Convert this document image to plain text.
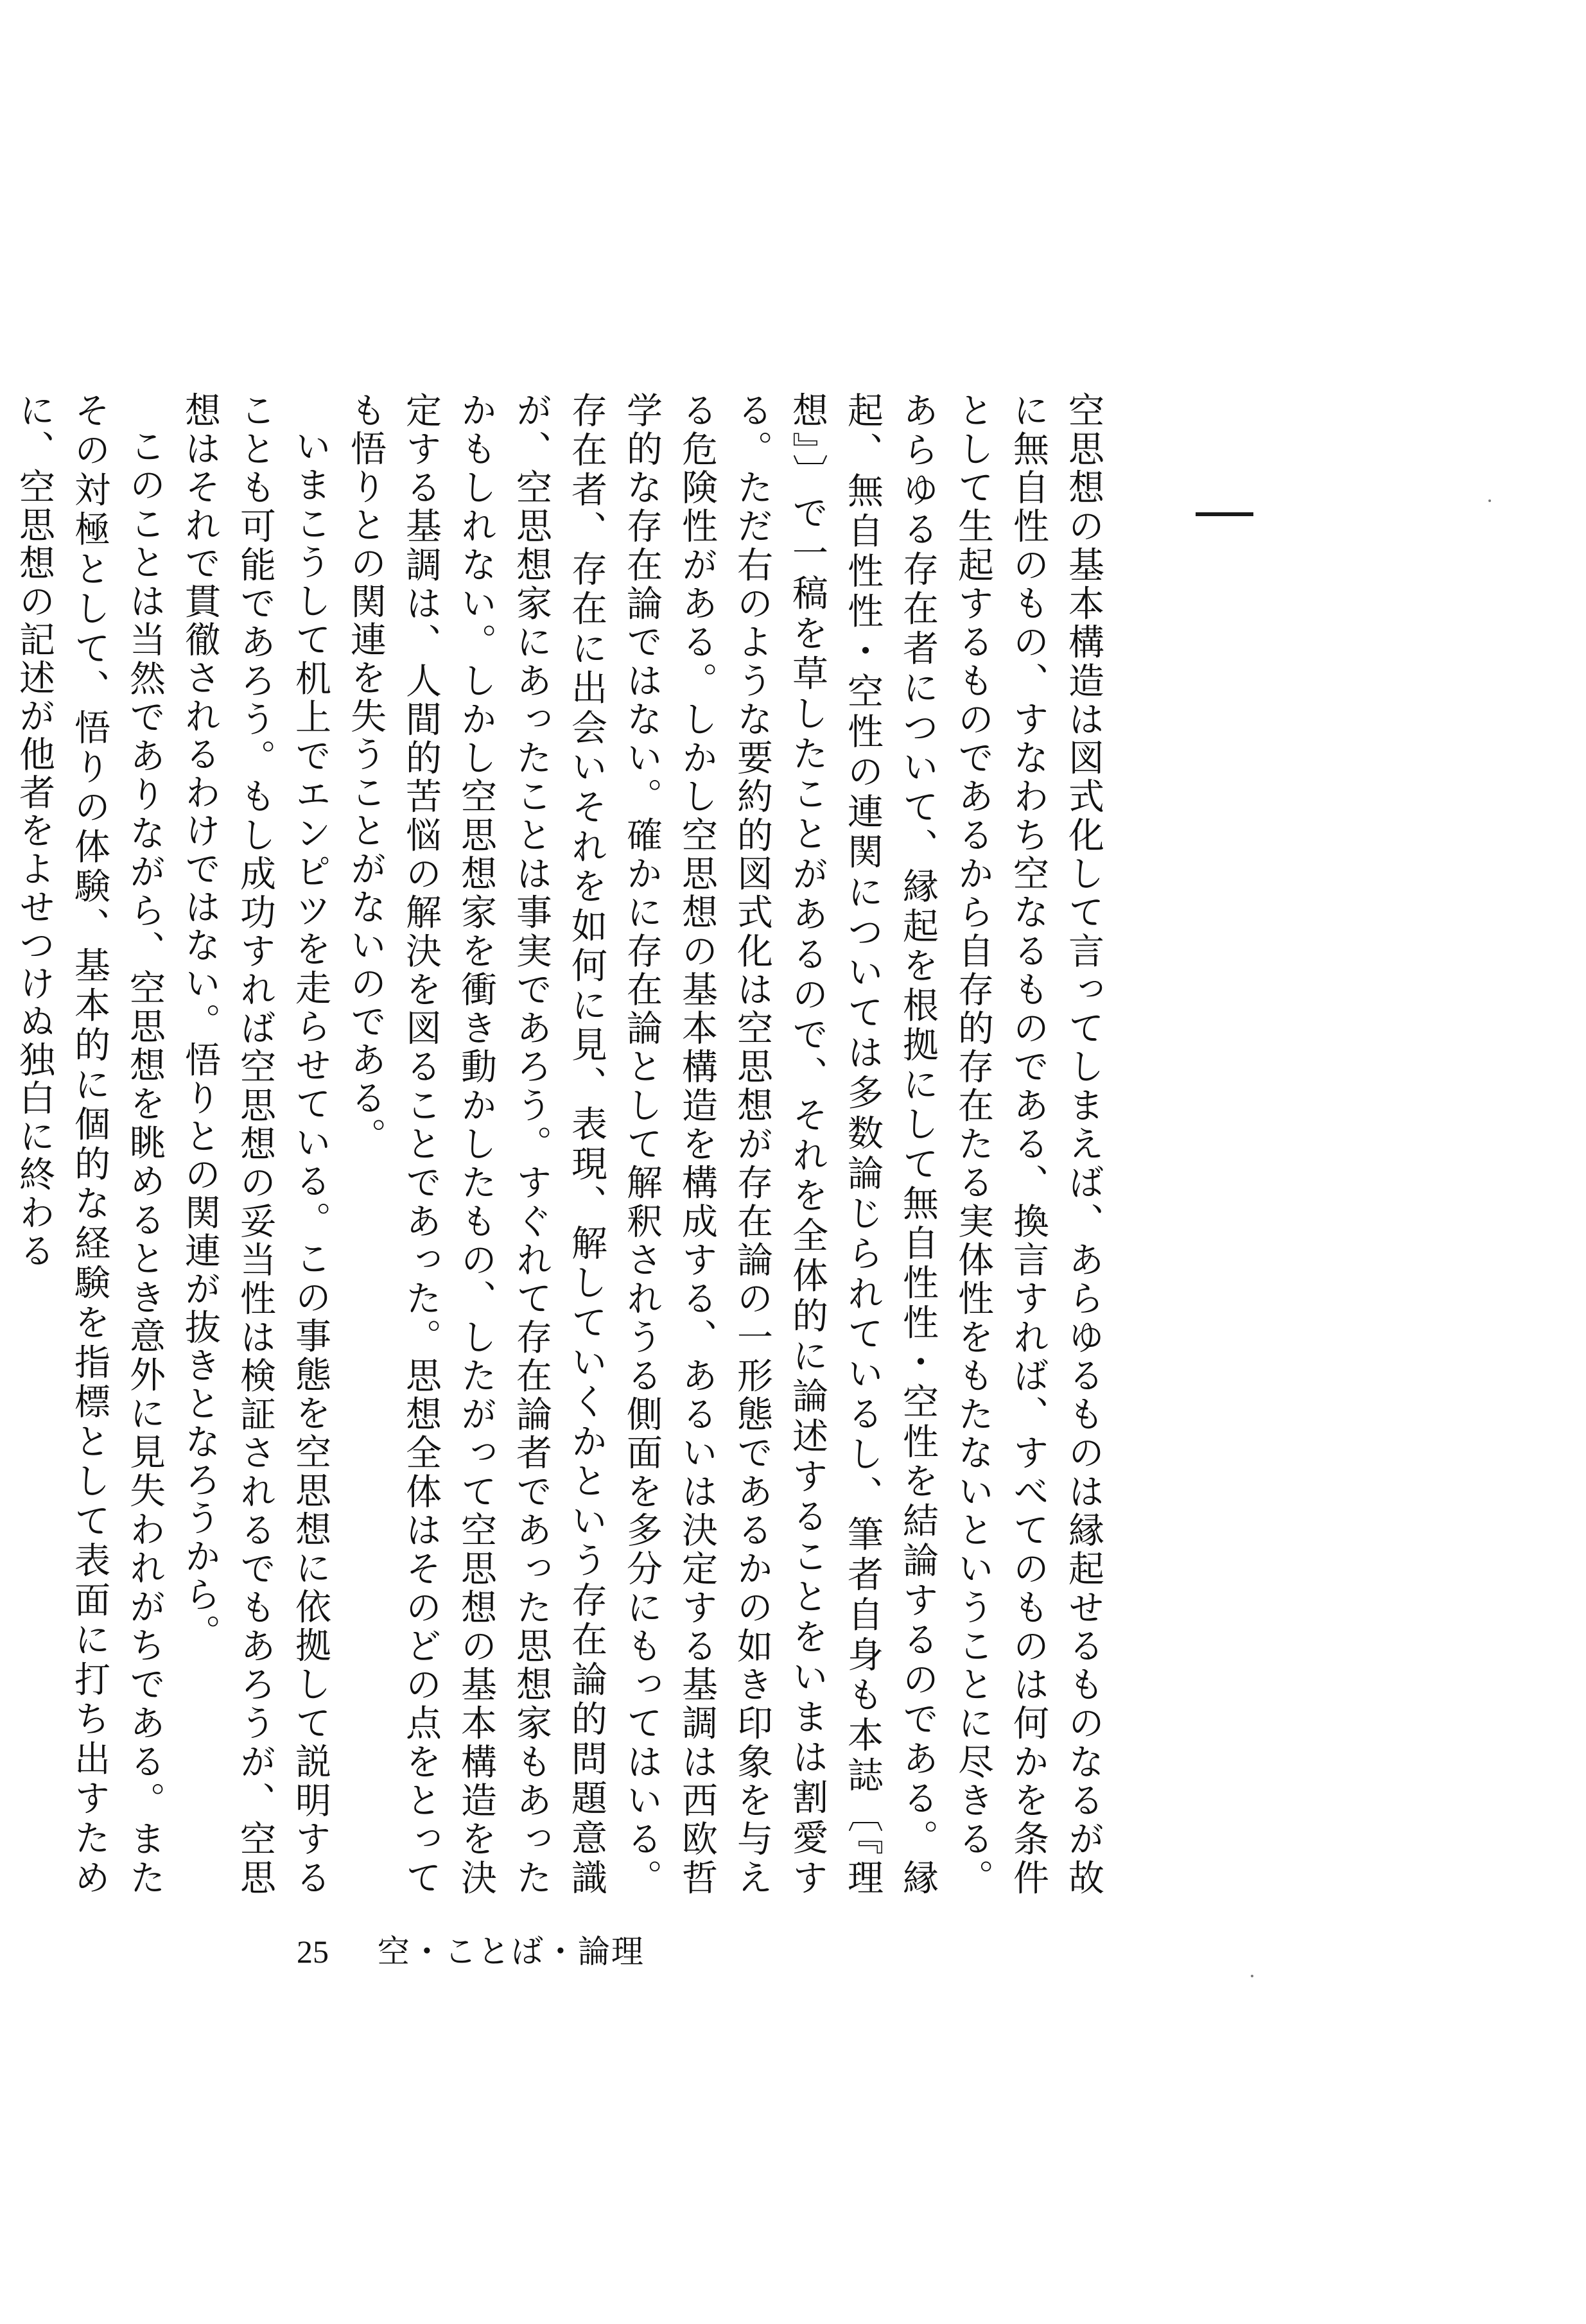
空思想の基本構造は図式化して言ってしまえば、あらゆるものは縁起せるものなるが故に無自性のもの、すなわち空なるものである、換言すれば、すべてのものは何かを条件として生起するものであるから自存的存在たる実体性をもたないということに尽きる。あらゆる存在者について、縁起を根拠にして無自性性・空性を結論するのである。縁起、無自性性・空性の連関については多数論じられているし、筆者自身も本誌〔『理想』〕で一稿を草したことがあるので、それを全体的に論述することをいまは割愛する。ただ右のような要約的図式化は空思想が存在論の一形態であるかの如き印象を与える危険性がある。しかし空思想の基本構造を構成する、あるいは決定する基調は西欧哲学的な存在論ではない。確かに存在論として解釈されうる側面を多分にもってはいる。存在者、存在に出会いそれを如何に見、表現、解していくかという存在論的問題意識が、空思想家にあったことは事実であろう。すぐれて存在論者であった思想家もあったかもしれない。しかし空思想家を衝き動かしたもの、したがって空思想の基本構造を決定する基調は、人間的苦悩の解決を図ることであった。思想全体はそのどの点をとっても悟りとの関連を失うことがないのである。

いまこうして机上でエンピツを走らせている。この事態を空思想に依拠して説明することも可能であろう。もし成功すれば空思想の妥当性は検証されるでもあろうが、空思想はそれで貫徹されるわけではない。悟りとの関連が抜きとなろうから。

このことは当然でありながら、空思想を眺めるとき意外に見失われがちである。またその対極として、悟りの体験、基本的に個的な経験を指標として表面に打ち出すために、空思想の記述が他者をよせつけぬ独白に終わる

25 空・ことば・論理
